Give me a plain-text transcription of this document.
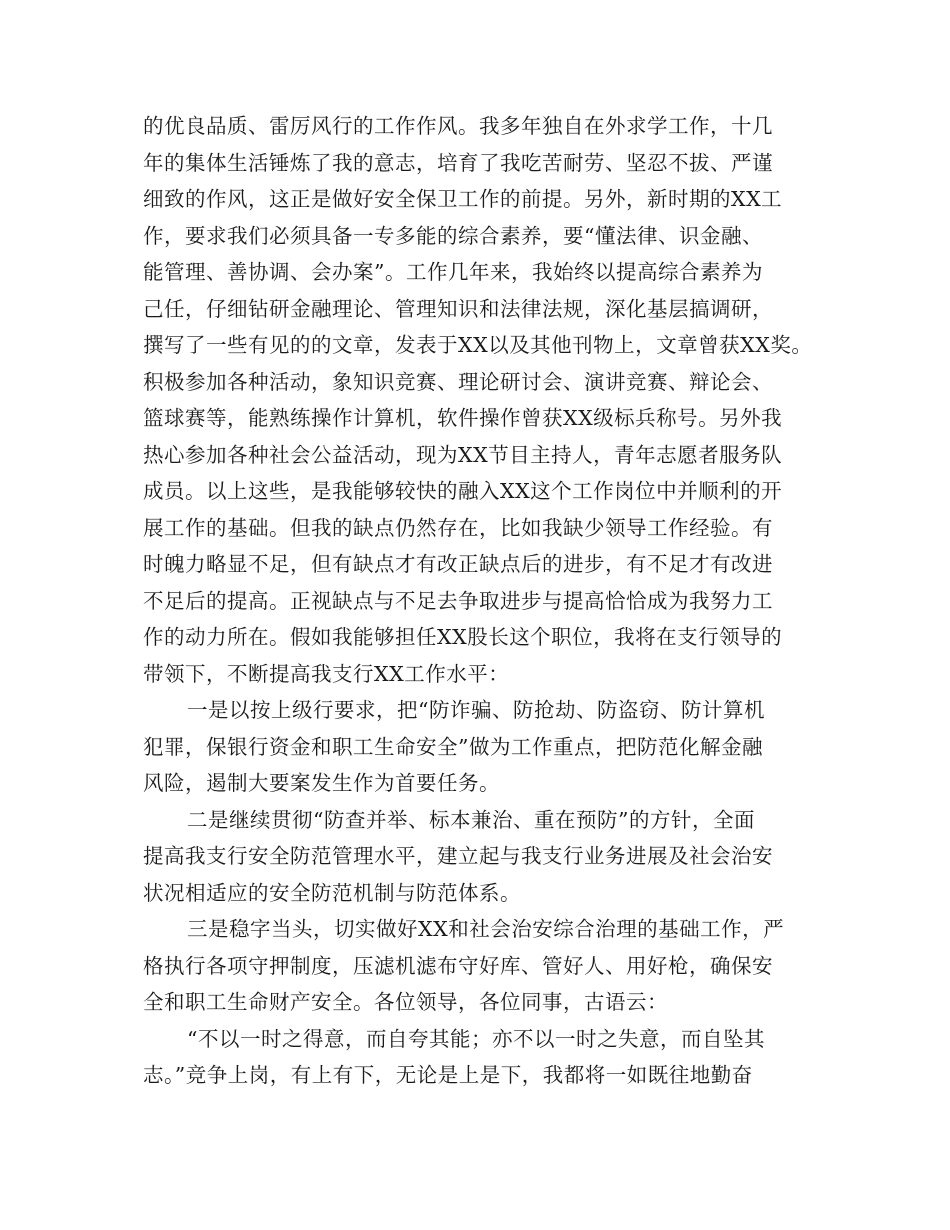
的优良品质、雷厉风行的工作作风。我多年独自在外求学工作，十几
年的集体生活锤炼了我的意志，培育了我吃苦耐劳、坚忍不拔、严谨
细致的作风，这正是做好安全保卫工作的前提。另外，新时期的XX工
作，要求我们必须具备一专多能的综合素养，要“懂法律、识金融、
能管理、善协调、会办案”。工作几年来，我始终以提高综合素养为
己任，仔细钻研金融理论、管理知识和法律法规，深化基层搞调研，
撰写了一些有见的的文章，发表于XX以及其他刊物上，文章曾获XX奖。
积极参加各种活动，象知识竞赛、理论研讨会、演讲竞赛、辩论会、
篮球赛等，能熟练操作计算机，软件操作曾获XX级标兵称号。另外我
热心参加各种社会公益活动，现为XX节目主持人，青年志愿者服务队
成员。以上这些，是我能够较快的融入XX这个工作岗位中并顺利的开
展工作的基础。但我的缺点仍然存在，比如我缺少领导工作经验。有
时魄力略显不足，但有缺点才有改正缺点后的进步，有不足才有改进
不足后的提高。正视缺点与不足去争取进步与提高恰恰成为我努力工
作的动力所在。假如我能够担任XX股长这个职位，我将在支行领导的
带领下，不断提高我支行XX工作水平：
一是以按上级行要求，把“防诈骗、防抢劫、防盗窃、防计算机
犯罪，保银行资金和职工生命安全”做为工作重点，把防范化解金融
风险，遏制大要案发生作为首要任务。
二是继续贯彻“防查并举、标本兼治、重在预防”的方针，全面
提高我支行安全防范管理水平，建立起与我支行业务进展及社会治安
状况相适应的安全防范机制与防范体系。
三是稳字当头，切实做好XX和社会治安综合治理的基础工作，严
格执行各项守押制度，压滤机滤布守好库、管好人、用好枪，确保安
全和职工生命财产安全。各位领导，各位同事，古语云：
“不以一时之得意，而自夸其能；亦不以一时之失意，而自坠其
志。”竞争上岗，有上有下，无论是上是下，我都将一如既往地勤奋
